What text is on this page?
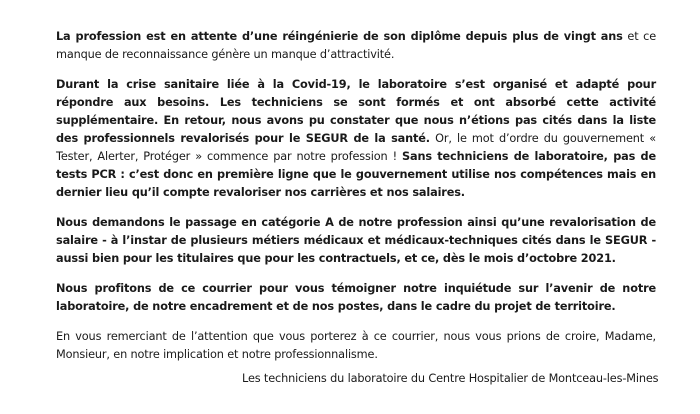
La profession est en attente d’une réingénierie de son diplôme depuis plus de vingt ans et ce manque de reconnaissance génère un manque d’attractivité.

Durant la crise sanitaire liée à la Covid-19, le laboratoire s’est organisé et adapté pour répondre aux besoins. Les techniciens se sont formés et ont absorbé cette activité supplémentaire. En retour, nous avons pu constater que nous n’étions pas cités dans la liste des professionnels revalorisés pour le SEGUR de la santé. Or, le mot d’ordre du gouvernement « Tester, Alerter, Protéger » commence par notre profession ! Sans techniciens de laboratoire, pas de tests PCR : c’est donc en première ligne que le gouvernement utilise nos compétences mais en dernier lieu qu’il compte revaloriser nos carrières et nos salaires.

Nous demandons le passage en catégorie A de notre profession ainsi qu’une revalorisation de salaire - à l’instar de plusieurs métiers médicaux et médicaux-techniques cités dans le SEGUR - aussi bien pour les titulaires que pour les contractuels, et ce, dès le mois d’octobre 2021.

Nous profitons de ce courrier pour vous témoigner notre inquiétude sur l’avenir de notre laboratoire, de notre encadrement et de nos postes, dans le cadre du projet de territoire.

En vous remerciant de l’attention que vous porterez à ce courrier, nous vous prions de croire, Madame, Monsieur, en notre implication et notre professionnalisme.

Les techniciens du laboratoire du Centre Hospitalier de Montceau-les-Mines
